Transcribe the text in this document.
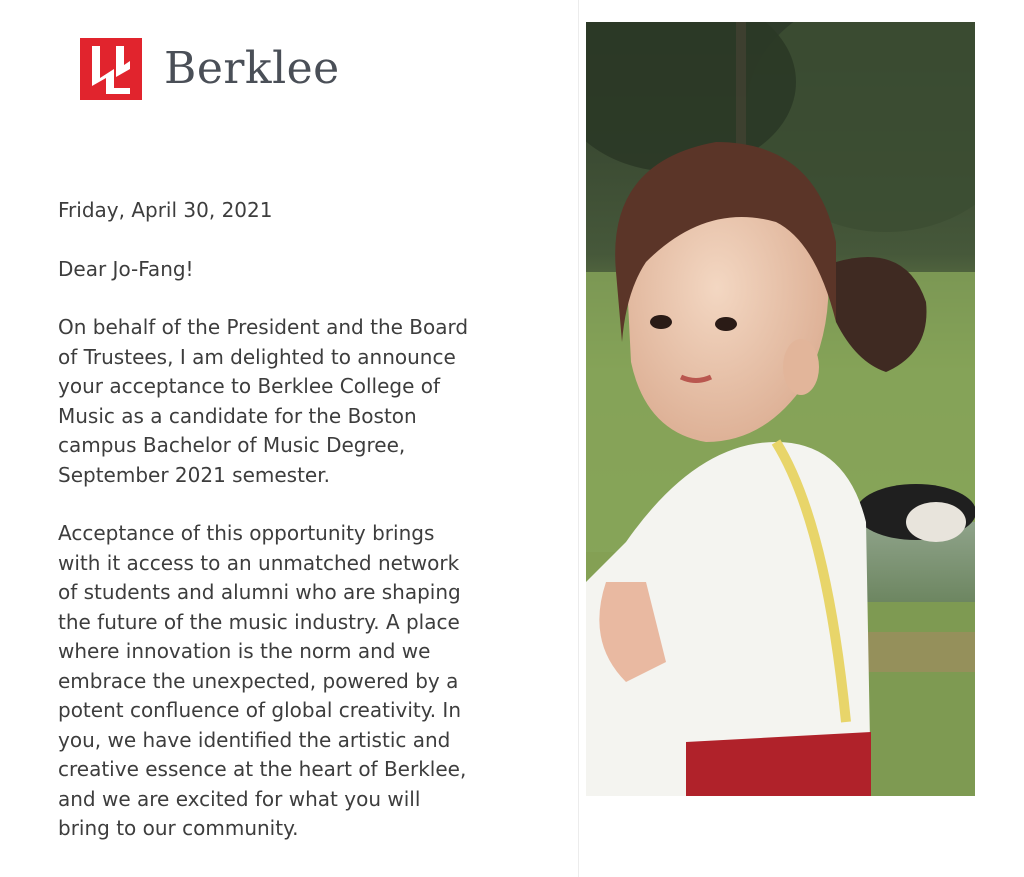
Berklee

Friday, April 30, 2021

Dear Jo-Fang!

On behalf of the President and the Board
of Trustees, I am delighted to announce
your acceptance to Berklee College of
Music as a candidate for the Boston
campus Bachelor of Music Degree,
September 2021 semester.

Acceptance of this opportunity brings
with it access to an unmatched network
of students and alumni who are shaping
the future of the music industry. A place
where innovation is the norm and we
embrace the unexpected, powered by a
potent confluence of global creativity. In
you, we have identified the artistic and
creative essence at the heart of Berklee,
and we are excited for what you will
bring to our community.
